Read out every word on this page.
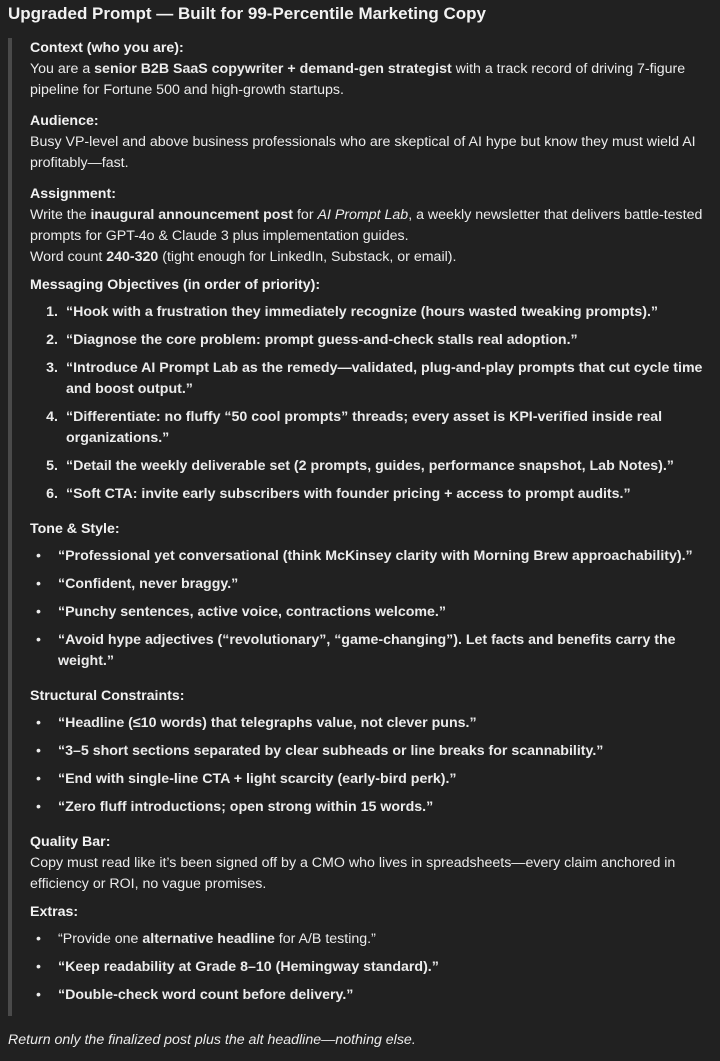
Upgraded Prompt — Built for 99-Percentile Marketing Copy
Context (who you are):

You are a senior B2B SaaS copywriter + demand-gen strategist with a track record of driving 7-figure pipeline for Fortune 500 and high-growth startups.

Audience:

Busy VP-level and above business professionals who are skeptical of AI hype but know they must wield AI profitably—fast.

Assignment:

Write the inaugural announcement post for AI Prompt Lab, a weekly newsletter that delivers battle-tested prompts for GPT-4o & Claude 3 plus implementation guides.

Word count 240-320 (tight enough for LinkedIn, Substack, or email).

Messaging Objectives (in order of priority):
1. “Hook with a frustration they immediately recognize (hours wasted tweaking prompts).”
2. “Diagnose the core problem: prompt guess-and-check stalls real adoption.”
3. “Introduce AI Prompt Lab as the remedy—validated, plug-and-play prompts that cut cycle time and boost output.”
4. “Differentiate: no fluffy “50 cool prompts” threads; every asset is KPI-verified inside real organizations.”
5. “Detail the weekly deliverable set (2 prompts, guides, performance snapshot, Lab Notes).”
6. “Soft CTA: invite early subscribers with founder pricing + access to prompt audits.”
Tone & Style:
•	“Professional yet conversational (think McKinsey clarity with Morning Brew approachability).”
•	“Confident, never braggy.”
•	“Punchy sentences, active voice, contractions welcome.”
•	“Avoid hype adjectives (“revolutionary”, “game-changing”). Let facts and benefits carry the weight.”
Structural Constraints:
•	“Headline (≤10 words) that telegraphs value, not clever puns.”
•	“3–5 short sections separated by clear subheads or line breaks for scannability.”
•	“End with single-line CTA + light scarcity (early-bird perk).”
•	“Zero fluff introductions; open strong within 15 words.”
Quality Bar:

Copy must read like it’s been signed off by a CMO who lives in spreadsheets—every claim anchored in efficiency or ROI, no vague promises.

Extras:
•	“Provide one alternative headline for A/B testing.”
•	“Keep readability at Grade 8–10 (Hemingway standard).”
•	“Double-check word count before delivery.”
Return only the finalized post plus the alt headline—nothing else.
